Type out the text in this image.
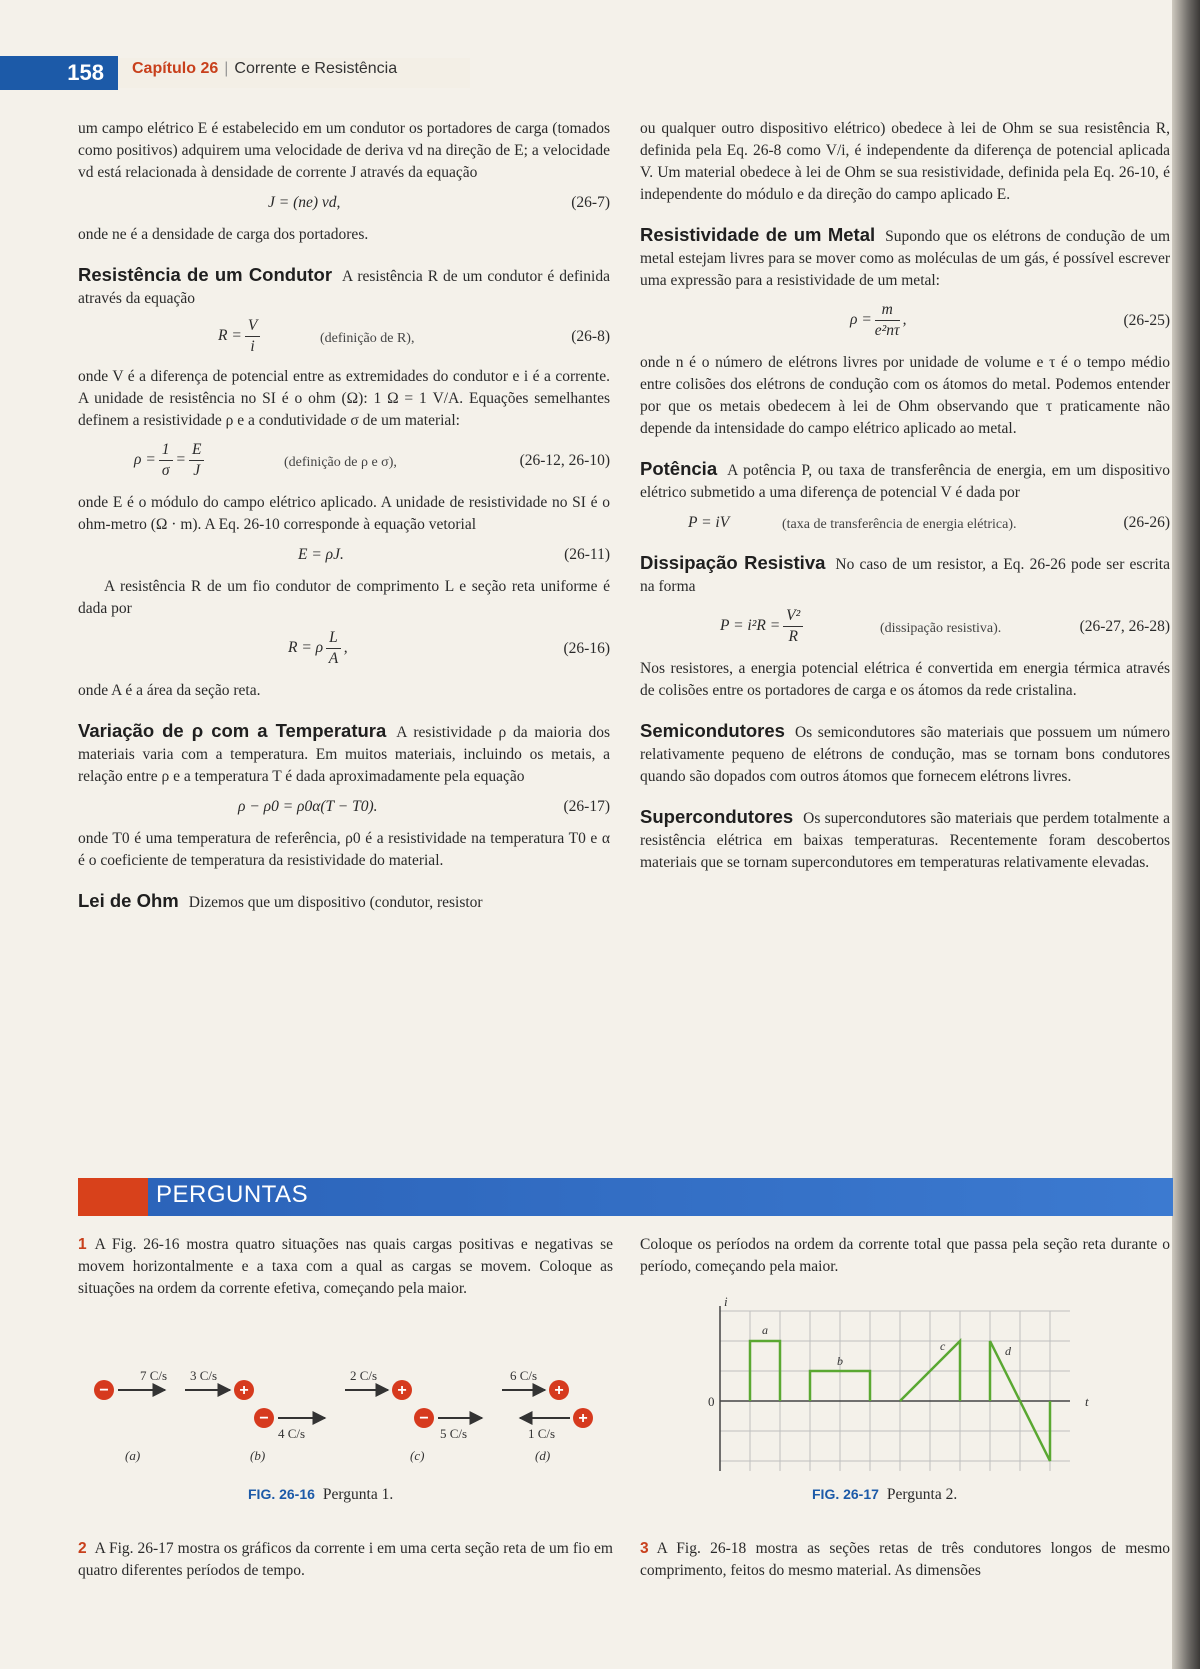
158	Capítulo 26 | Corrente e Resistência

um campo elétrico E é estabelecido em um condutor os portadores de carga (tomados como positivos) adquirem uma velocidade de deriva vd na direção de E; a velocidade vd está relacionada à densidade de corrente J através da equação

J = (ne) vd,	(26-7)

onde ne é a densidade de carga dos portadores.

Resistência de um Condutor A resistência R de um condutor é definida através da equação

$R = \frac{V}{i}$	(definição de R),	(26-8)

onde V é a diferença de potencial entre as extremidades do condutor e i é a corrente. A unidade de resistência no SI é o ohm (Ω): 1 Ω = 1 V/A. Equações semelhantes definem a resistividade ρ e a condutividade σ de um material:

$\rho = \frac{1}{\sigma} = \frac{E}{J}$	(definição de ρ e σ),	(26-12, 26-10)

onde E é o módulo do campo elétrico aplicado. A unidade de resistividade no SI é o ohm-metro (Ω · m). A Eq. 26-10 corresponde à equação vetorial

E = ρJ.	(26-11)

A resistência R de um fio condutor de comprimento L e seção reta uniforme é dada por

R = ρ $\frac{L}{A}$ ,	(26-16)

onde A é a área da seção reta.

Variação de ρ com a Temperatura A resistividade ρ da maioria dos materiais varia com a temperatura. Em muitos materiais, incluindo os metais, a relação entre ρ e a temperatura T é dada aproximadamente pela equação

ρ − ρ0 = ρ0α(T − T0).	(26-17)

onde T0 é uma temperatura de referência, ρ0 é a resistividade na temperatura T0 e α é o coeficiente de temperatura da resistividade do material.

Lei de Ohm Dizemos que um dispositivo (condutor, resistor

ou qualquer outro dispositivo elétrico) obedece à lei de Ohm se sua resistência R, definida pela Eq. 26-8 como V/i, é independente da diferença de potencial aplicada V. Um material obedece à lei de Ohm se sua resistividade, definida pela Eq. 26-10, é independente do módulo e da direção do campo aplicado E.

Resistividade de um Metal Supondo que os elétrons de condução de um metal estejam livres para se mover como as moléculas de um gás, é possível escrever uma expressão para a resistividade de um metal:

$\rho = \frac{m}{\text{e²nτ}}$ ,	(26-25)

onde n é o número de elétrons livres por unidade de volume e τ é o tempo médio entre colisões dos elétrons de condução com os átomos do metal. Podemos entender por que os metais obedecem à lei de Ohm observando que τ praticamente não depende da intensidade do campo elétrico aplicado ao metal.

Potência A potência P, ou taxa de transferência de energia, em um dispositivo elétrico submetido a uma diferença de potencial V é dada por

P = iV	(taxa de transferência de energia elétrica).	(26-26)

Dissipação Resistiva No caso de um resistor, a Eq. 26-26 pode ser escrita na forma

$P = i^2R = \frac{\text{V²}}{R}$	(dissipação resistiva).	(26-27, 26-28)

Nos resistores, a energia potencial elétrica é convertida em energia térmica através de colisões entre os portadores de carga e os átomos da rede cristalina.

Semicondutores Os semicondutores são materiais que possuem um número relativamente pequeno de elétrons de condução, mas se tornam bons condutores quando são dopados com outros átomos que fornecem elétrons livres.

Supercondutores Os supercondutores são materiais que perdem totalmente a resistência elétrica em baixas temperaturas. Recentemente foram descobertos materiais que se tornam supercondutores em temperaturas relativamente elevadas.

PERGUNTAS
1 A Fig. 26-16 mostra quatro situações nas quais cargas positivas e negativas se movem horizontalmente e a taxa com a qual as cargas se movem. Coloque as situações na ordem da corrente efetiva, começando pela maior.
Coloque os períodos na ordem da corrente total que passa pela seção reta durante o período, começando pela maior.
7 C/s
−
3 C/s
+
−
4 C/s
2 C/s
+
−
5 C/s
6 C/s
+
+
1 C/s
(a)	(b)	(c)	(d)
FIG. 26-16 Pergunta 1.
i
t
0
a
b
c	d
FIG. 26-17 Pergunta 2.
2 A Fig. 26-17 mostra os gráficos da corrente i em uma certa seção reta de um fio em quatro diferentes períodos de tempo.
3 A Fig. 26-18 mostra as seções retas de três condutores longos de mesmo comprimento, feitos do mesmo material. As dimensões
